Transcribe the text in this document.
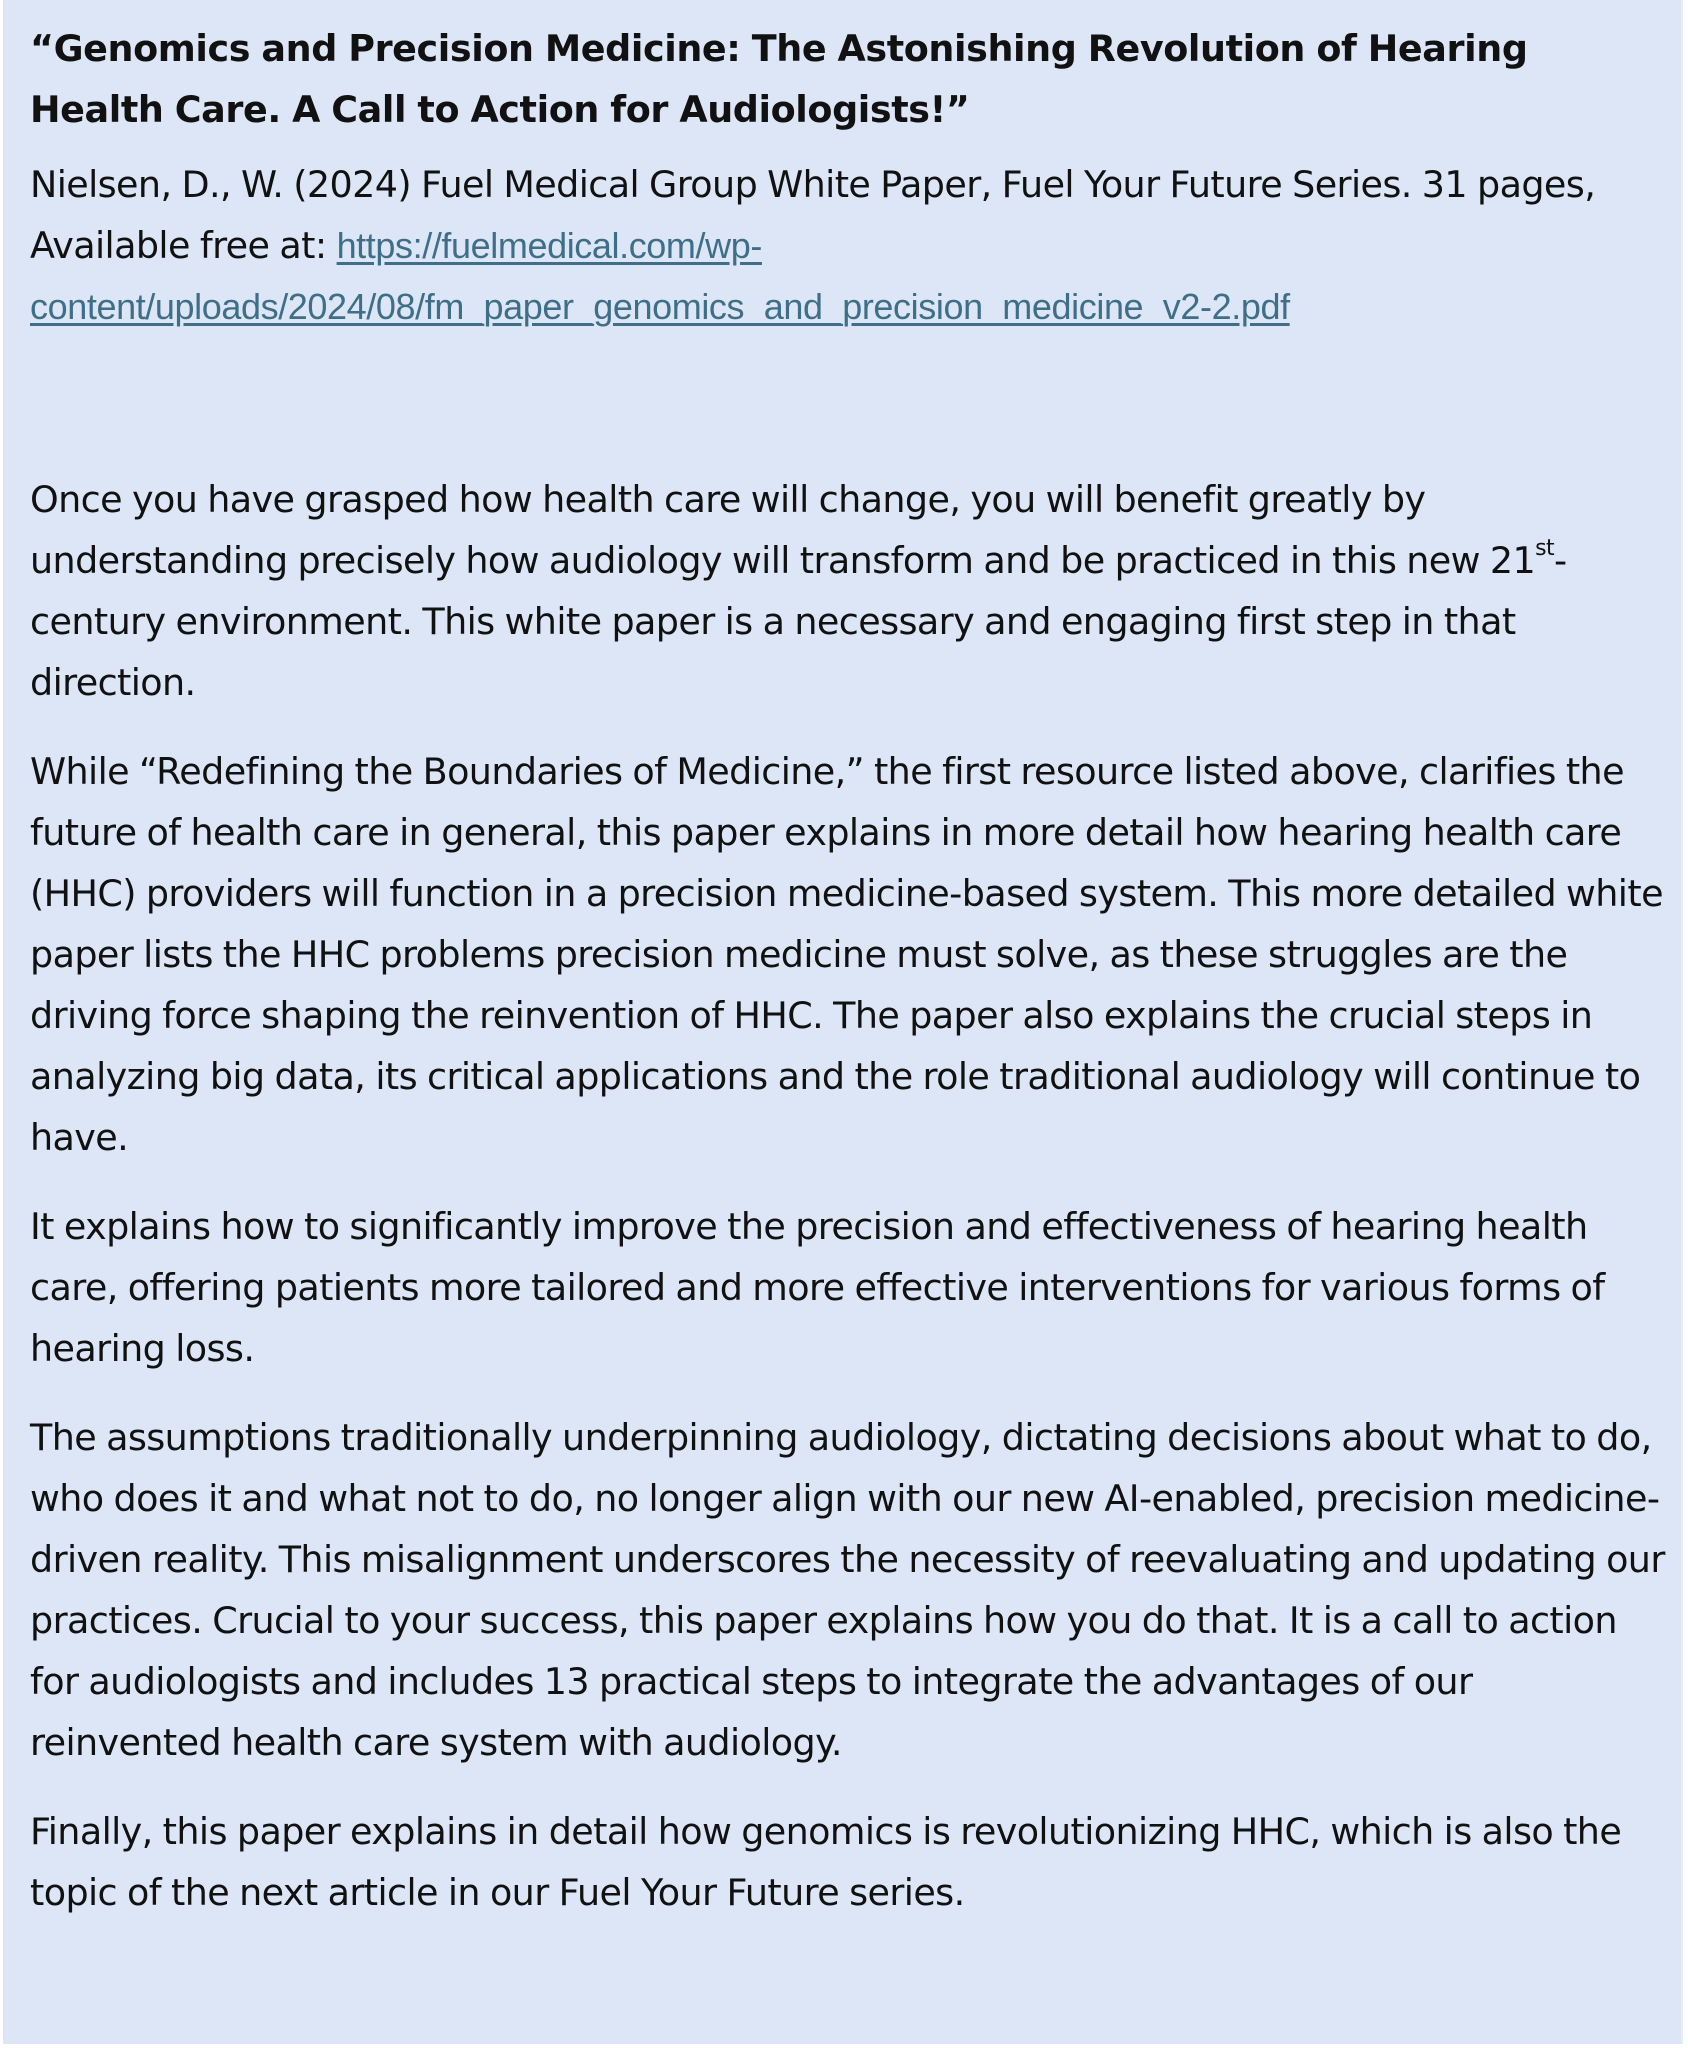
“Genomics and Precision Medicine: The Astonishing Revolution of Hearing Health Care. A Call to Action for Audiologists!”

Nielsen, D., W. (2024) Fuel Medical Group White Paper, Fuel Your Future Series. 31 pages, Available free at: https://fuelmedical.com/wp-content/uploads/2024/08/fm_paper_genomics_and_precision_medicine_v2-2.pdf

Once you have grasped how health care will change, you will benefit greatly by understanding precisely how audiology will transform and be practiced in this new 21st-century environment. This white paper is a necessary and engaging first step in that direction.

While “Redefining the Boundaries of Medicine,” the first resource listed above, clarifies the future of health care in general, this paper explains in more detail how hearing health care (HHC) providers will function in a precision medicine-based system. This more detailed white paper lists the HHC problems precision medicine must solve, as these struggles are the driving force shaping the reinvention of HHC. The paper also explains the crucial steps in analyzing big data, its critical applications and the role traditional audiology will continue to have.

It explains how to significantly improve the precision and effectiveness of hearing health care, offering patients more tailored and more effective interventions for various forms of hearing loss.

The assumptions traditionally underpinning audiology, dictating decisions about what to do, who does it and what not to do, no longer align with our new AI-enabled, precision medicine-driven reality. This misalignment underscores the necessity of reevaluating and updating our practices. Crucial to your success, this paper explains how you do that. It is a call to action for audiologists and includes 13 practical steps to integrate the advantages of our reinvented health care system with audiology.

Finally, this paper explains in detail how genomics is revolutionizing HHC, which is also the topic of the next article in our Fuel Your Future series.
